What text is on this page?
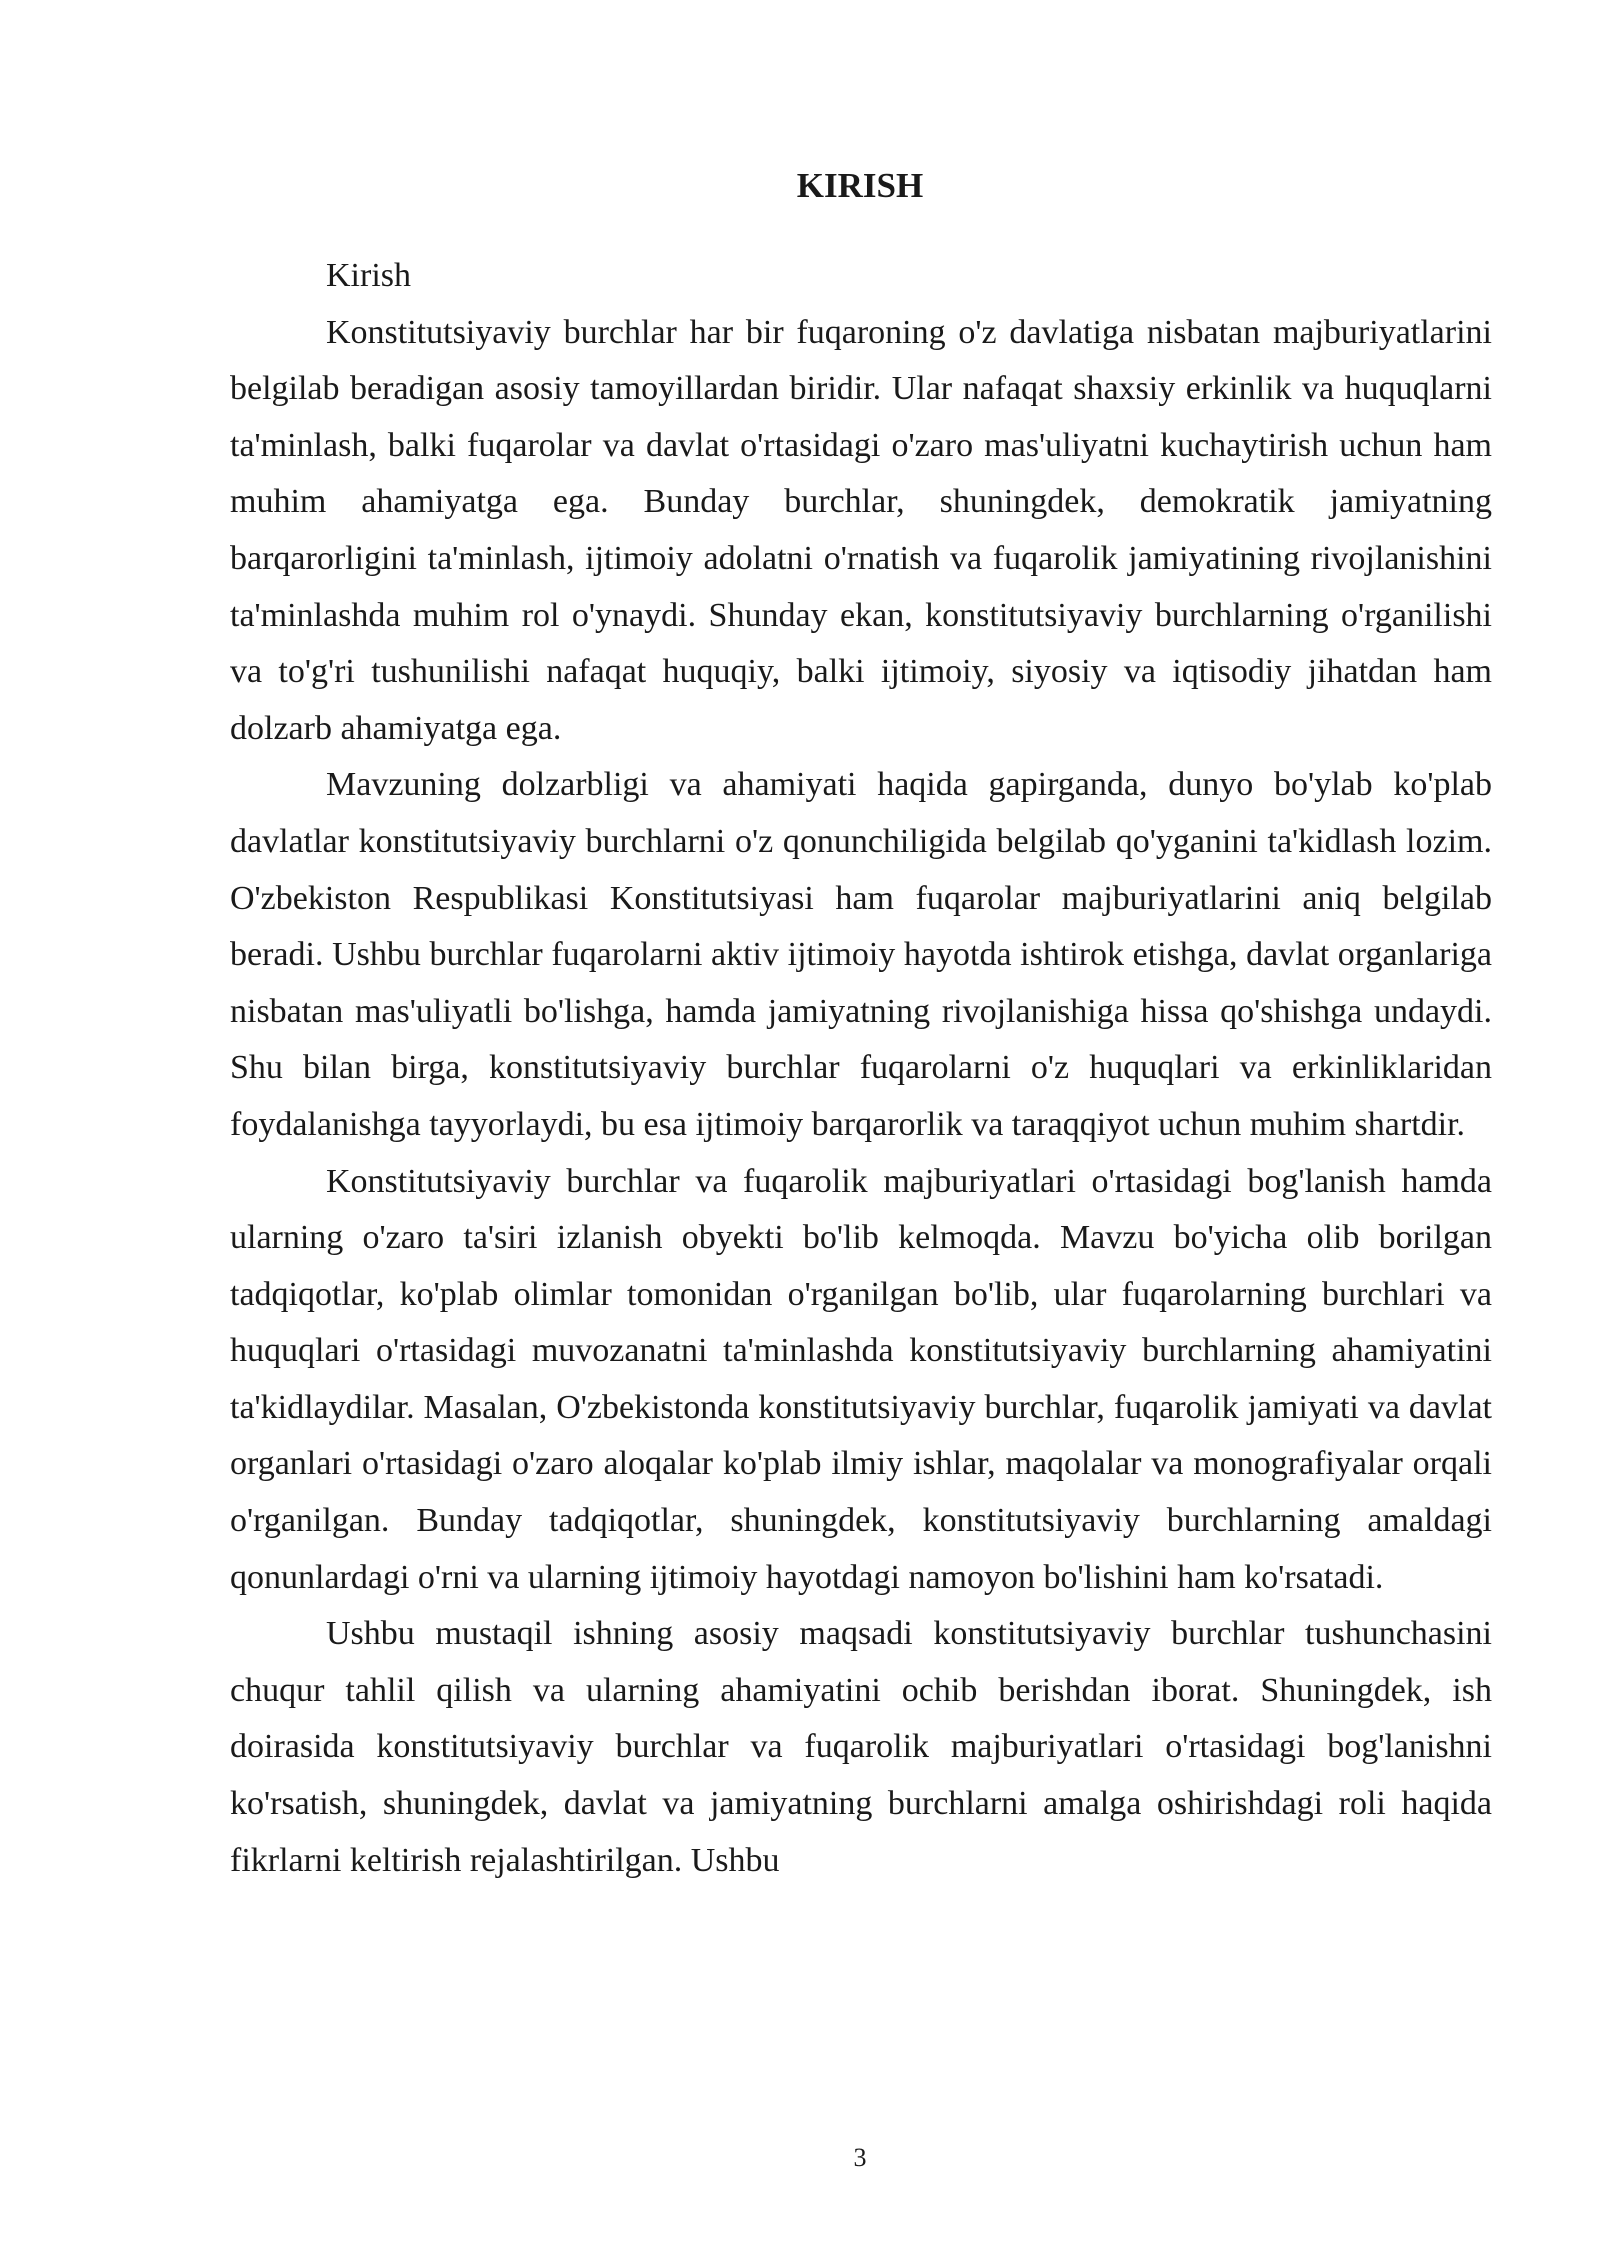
KIRISH

Kirish

Konstitutsiyaviy burchlar har bir fuqaroning o'z davlatiga nisbatan majburiyatlarini belgilab beradigan asosiy tamoyillardan biridir. Ular nafaqat shaxsiy erkinlik va huquqlarni ta'minlash, balki fuqarolar va davlat o'rtasidagi o'zaro mas'uliyatni kuchaytirish uchun ham muhim ahamiyatga ega. Bunday burchlar, shuningdek, demokratik jamiyatning barqarorligini ta'minlash, ijtimoiy adolatni o'rnatish va fuqarolik jamiyatining rivojlanishini ta'minlashda muhim rol o'ynaydi. Shunday ekan, konstitutsiyaviy burchlarning o'rganilishi va to'g'ri tushunilishi nafaqat huquqiy, balki ijtimoiy, siyosiy va iqtisodiy jihatdan ham dolzarb ahamiyatga ega.

Mavzuning dolzarbligi va ahamiyati haqida gapirganda, dunyo bo'ylab ko'plab davlatlar konstitutsiyaviy burchlarni o'z qonunchiligida belgilab qo'yganini ta'kidlash lozim. O'zbekiston Respublikasi Konstitutsiyasi ham fuqarolar majburiyatlarini aniq belgilab beradi. Ushbu burchlar fuqarolarni aktiv ijtimoiy hayotda ishtirok etishga, davlat organlariga nisbatan mas'uliyatli bo'lishga, hamda jamiyatning rivojlanishiga hissa qo'shishga undaydi. Shu bilan birga, konstitutsiyaviy burchlar fuqarolarni o'z huquqlari va erkinliklaridan foydalanishga tayyorlaydi, bu esa ijtimoiy barqarorlik va taraqqiyot uchun muhim shartdir.

Konstitutsiyaviy burchlar va fuqarolik majburiyatlari o'rtasidagi bog'lanish hamda ularning o'zaro ta'siri izlanish obyekti bo'lib kelmoqda. Mavzu bo'yicha olib borilgan tadqiqotlar, ko'plab olimlar tomonidan o'rganilgan bo'lib, ular fuqarolarning burchlari va huquqlari o'rtasidagi muvozanatni ta'minlashda konstitutsiyaviy burchlarning ahamiyatini ta'kidlaydilar. Masalan, O'zbekistonda konstitutsiyaviy burchlar, fuqarolik jamiyati va davlat organlari o'rtasidagi o'zaro aloqalar ko'plab ilmiy ishlar, maqolalar va monografiyalar orqali o'rganilgan. Bunday tadqiqotlar, shuningdek, konstitutsiyaviy burchlarning amaldagi qonunlardagi o'rni va ularning ijtimoiy hayotdagi namoyon bo'lishini ham ko'rsatadi.

Ushbu mustaqil ishning asosiy maqsadi konstitutsiyaviy burchlar tushunchasini chuqur tahlil qilish va ularning ahamiyatini ochib berishdan iborat. Shuningdek, ish doirasida konstitutsiyaviy burchlar va fuqarolik majburiyatlari o'rtasidagi bog'lanishni ko'rsatish, shuningdek, davlat va jamiyatning burchlarni amalga oshirishdagi roli haqida fikrlarni keltirish rejalashtirilgan. Ushbu

3
